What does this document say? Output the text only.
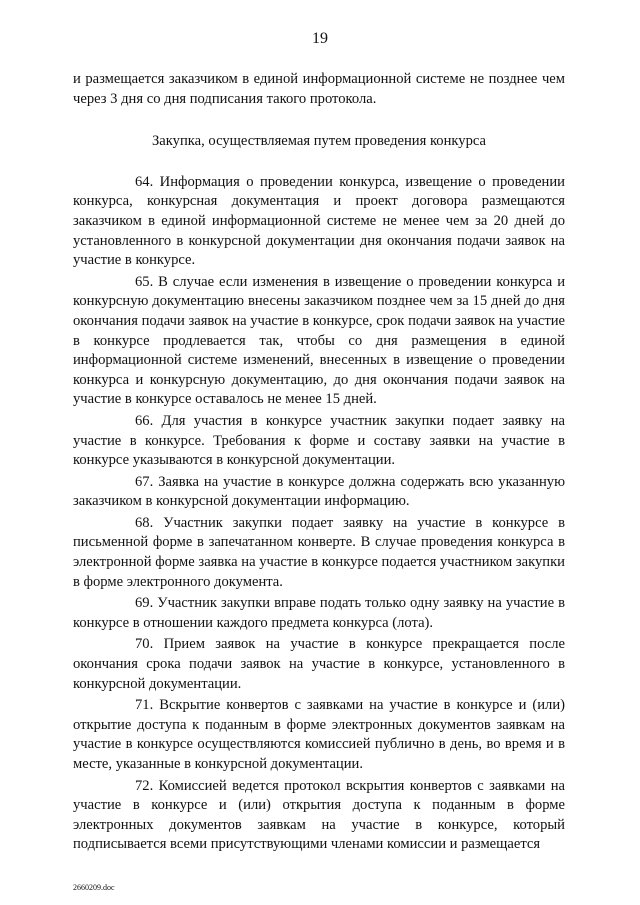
19

и размещается заказчиком в единой информационной системе не позднее чем через 3 дня со дня подписания такого протокола.

Закупка, осуществляемая путем проведения конкурса

64. Информация о проведении конкурса, извещение о проведении конкурса, конкурсная документация и проект договора размещаются заказчиком в единой информационной системе не менее чем за 20 дней до установленного в конкурсной документации дня окончания подачи заявок на участие в конкурсе.

65. В случае если изменения в извещение о проведении конкурса и конкурсную документацию внесены заказчиком позднее чем за 15 дней до дня окончания подачи заявок на участие в конкурсе, срок подачи заявок на участие в конкурсе продлевается так, чтобы со дня размещения в единой информационной системе изменений, внесенных в извещение о проведении конкурса и конкурсную документацию, до дня окончания подачи заявок на участие в конкурсе оставалось не менее 15 дней.

66. Для участия в конкурсе участник закупки подает заявку на участие в конкурсе. Требования к форме и составу заявки на участие в конкурсе указываются в конкурсной документации.

67. Заявка на участие в конкурсе должна содержать всю указанную заказчиком в конкурсной документации информацию.

68. Участник закупки подает заявку на участие в конкурсе в письменной форме в запечатанном конверте. В случае проведения конкурса в электронной форме заявка на участие в конкурсе подается участником закупки в форме электронного документа.

69. Участник закупки вправе подать только одну заявку на участие в конкурсе в отношении каждого предмета конкурса (лота).

70. Прием заявок на участие в конкурсе прекращается после окончания срока подачи заявок на участие в конкурсе, установленного в конкурсной документации.

71. Вскрытие конвертов с заявками на участие в конкурсе и (или) открытие доступа к поданным в форме электронных документов заявкам на участие в конкурсе осуществляются комиссией публично в день, во время и в месте, указанные в конкурсной документации.

72. Комиссией ведется протокол вскрытия конвертов с заявками на участие в конкурсе и (или) открытия доступа к поданным в форме электронных документов заявкам на участие в конкурсе, который подписывается всеми присутствующими членами комиссии и размещается

2660209.doc
